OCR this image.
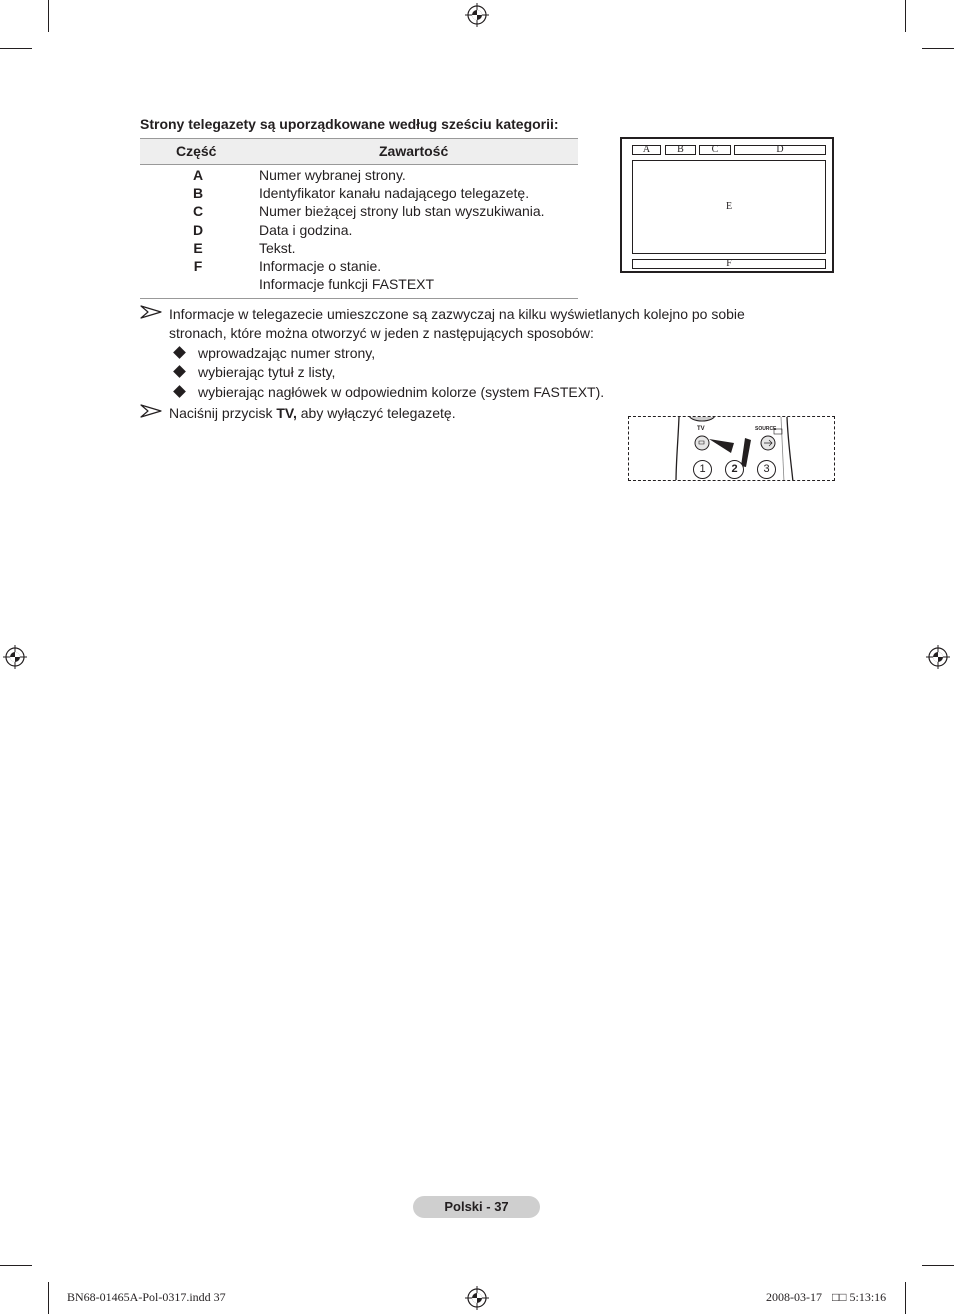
Strony telegazety są uporządkowane według sześciu kategorii:
Część	Zawartość
A	Numer wybranej strony.
B	Identyfikator kanału nadającego telegazetę.
C	Numer bieżącej strony lub stan wyszukiwania.
D	Data i godzina.
E	Tekst.
F	Informacje o stanie.
Informacje funkcji FASTEXT
A	B	C	D
E
F
Informacje w telegazecie umieszczone są zazwyczaj na kilku wyświetlanych kolejno po sobie stronach, które można otworzyć w jeden z następujących sposobów:
wprowadzając numer strony,
wybierając tytuł z listy,
wybierając nagłówek w odpowiednim kolorze (system FASTEXT).
Naciśnij przycisk TV, aby wyłączyć telegazetę.
TV	SOURCE
1	2	3
Polski - 37
BN68-01465A-Pol-0317.indd 37	2008-03-17 □□ 5:13:16
